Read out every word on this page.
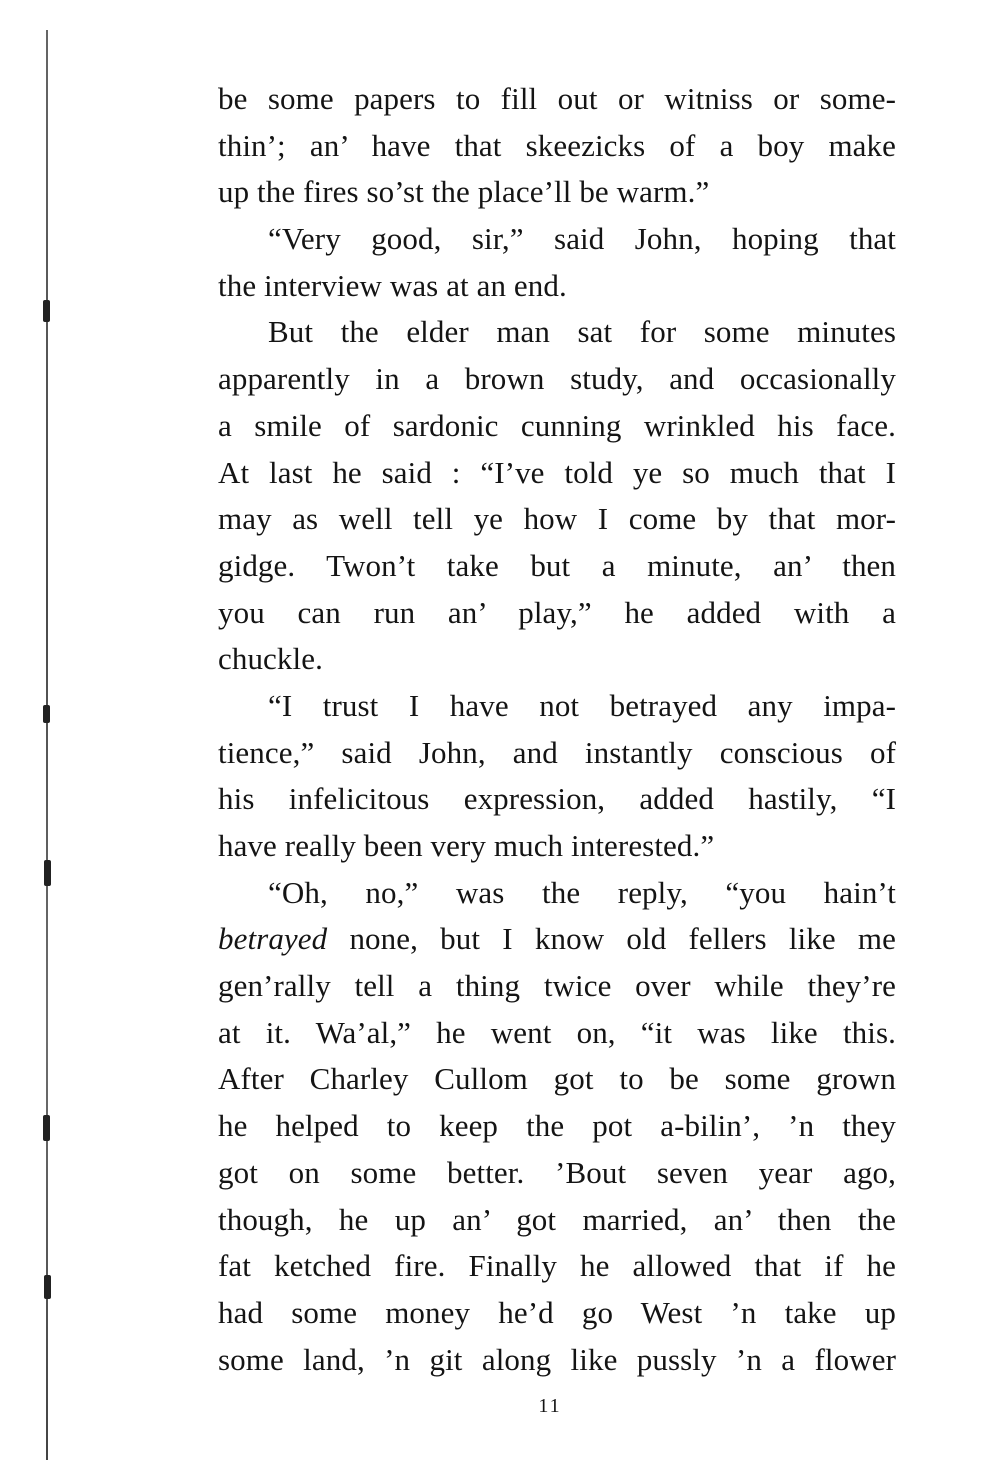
be some papers to fill out or witniss or some-
thin’; an’ have that skeezicks of a boy make
up the fires so’st the place’ll be warm.”
“Very good, sir,” said John, hoping that
the interview was at an end.
But the elder man sat for some minutes
apparently in a brown study, and occasionally
a smile of sardonic cunning wrinkled his face.
At last he said : “I’ve told ye so much that I
may as well tell ye how I come by that mor-
gidge. Twon’t take but a minute, an’ then
you can run an’ play,” he added with a
chuckle.
“I trust I have not betrayed any impa-
tience,” said John, and instantly conscious of
his infelicitous expression, added hastily, “I
have really been very much interested.”
“Oh, no,” was the reply, “you hain’t
betrayed none, but I know old fellers like me
gen’rally tell a thing twice over while they’re
at it. Wa’al,” he went on, “it was like this.
After Charley Cullom got to be some grown
he helped to keep the pot a-bilin’, ’n they
got on some better. ’Bout seven year ago,
though, he up an’ got married, an’ then the
fat ketched fire. Finally he allowed that if he
had some money he’d go West ’n take up
some land, ’n git along like pussly ’n a flower
11
